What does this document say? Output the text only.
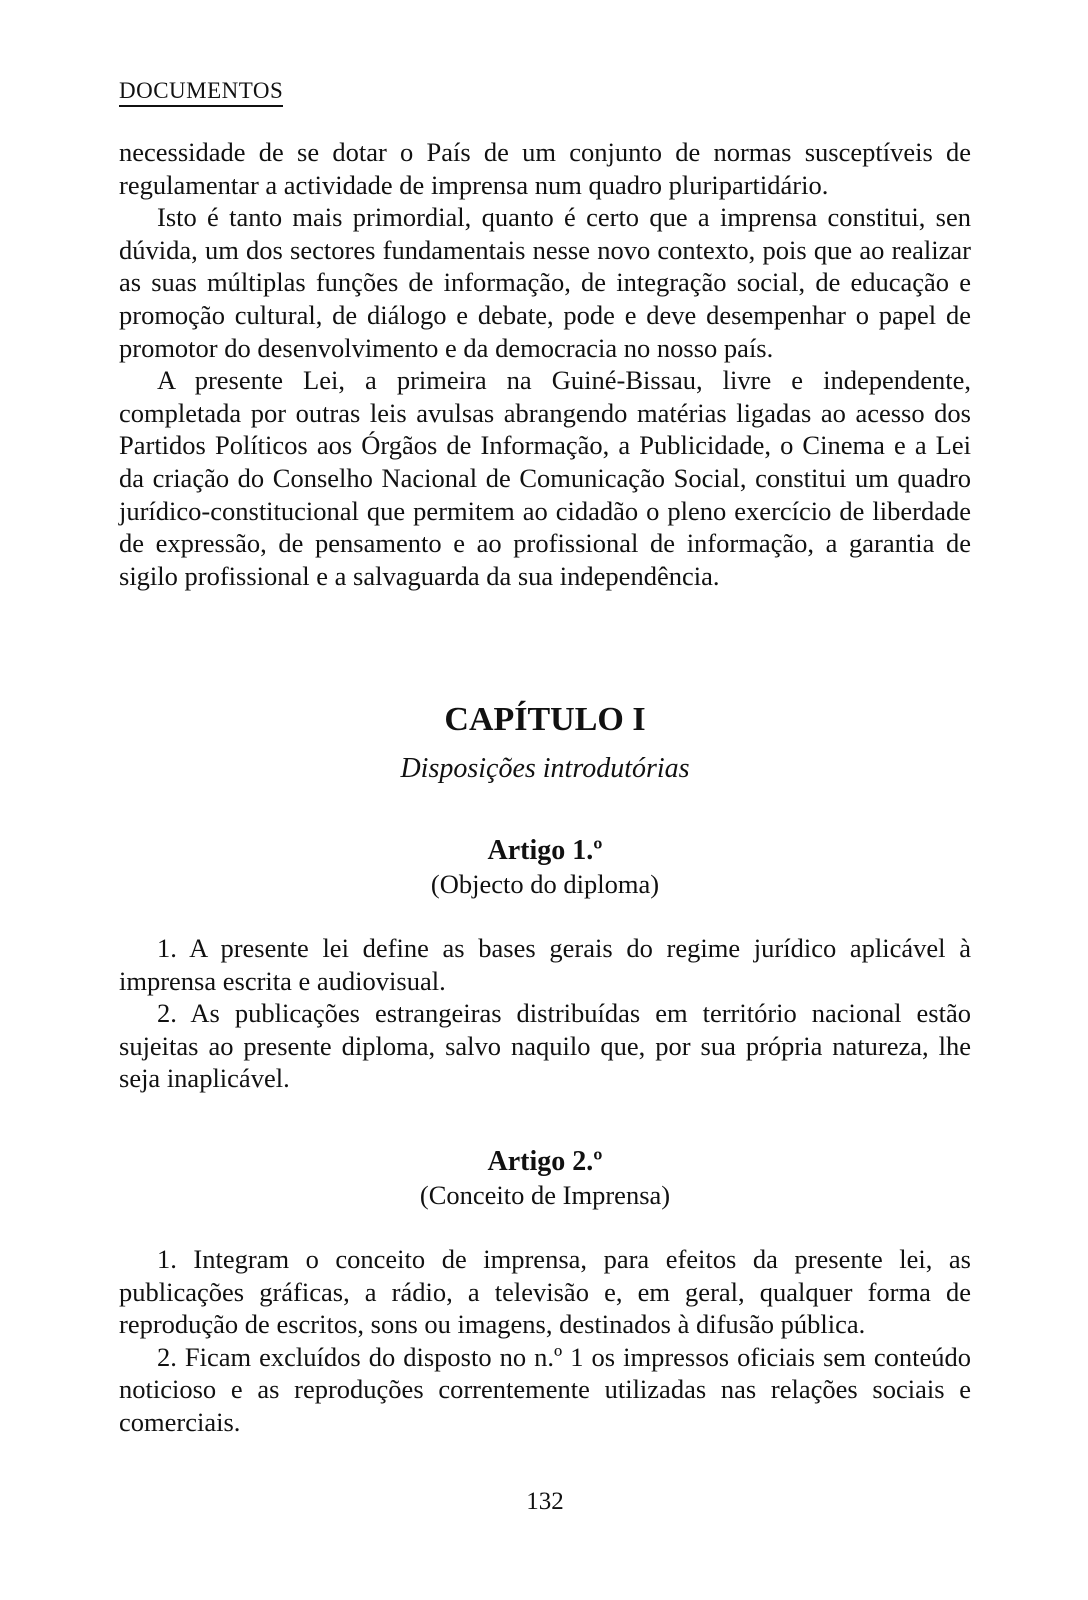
DOCUMENTOS

necessidade de se dotar o País de um conjunto de normas susceptíveis de regulamentar a actividade de imprensa num quadro pluripartidário.

Isto é tanto mais primordial, quanto é certo que a imprensa constitui, sen dúvida, um dos sectores fundamentais nesse novo contexto, pois que ao realizar as suas múltiplas funções de informação, de integração social, de educação e promoção cultural, de diálogo e debate, pode e deve desempenhar o papel de promotor do desenvolvimento e da democracia no nosso país.

A presente Lei, a primeira na Guiné-Bissau, livre e independente, completada por outras leis avulsas abrangendo matérias ligadas ao acesso dos Partidos Políticos aos Órgãos de Informação, a Publicidade, o Cinema e a Lei da criação do Conselho Nacional de Comunicação Social, constitui um quadro jurídico-constitucional que permitem ao cidadão o pleno exercício de liberdade de expressão, de pensamento e ao profissional de informação, a garantia de sigilo profissional e a salvaguarda da sua independência.

CAPÍTULO I
Disposições introdutórias
Artigo 1.º
(Objecto do diploma)

1. A presente lei define as bases gerais do regime jurídico aplicável à imprensa escrita e audiovisual.

2. As publicações estrangeiras distribuídas em território nacional estão sujeitas ao presente diploma, salvo naquilo que, por sua própria natureza, lhe seja inaplicável.

Artigo 2.º
(Conceito de Imprensa)

1. Integram o conceito de imprensa, para efeitos da presente lei, as publicações gráficas, a rádio, a televisão e, em geral, qualquer forma de reprodução de escritos, sons ou imagens, destinados à difusão pública.

2. Ficam excluídos do disposto no n.º 1 os impressos oficiais sem conteúdo noticioso e as reproduções correntemente utilizadas nas relações sociais e comerciais.

132
